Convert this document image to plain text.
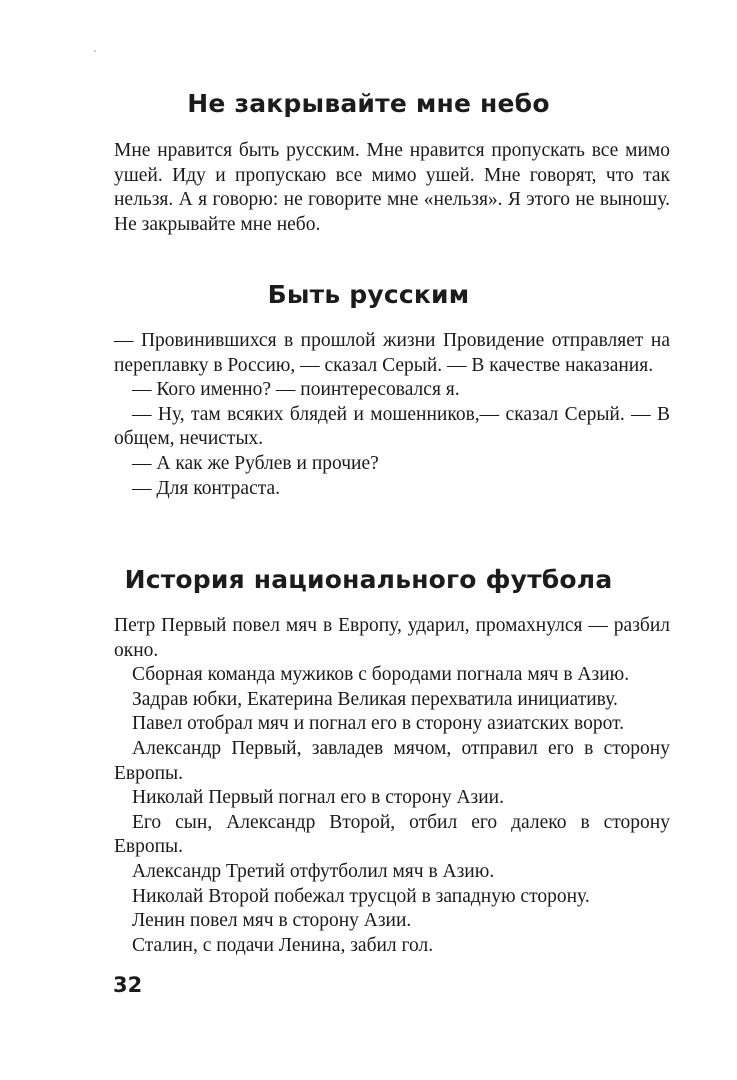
Не закрывайте мне небо

Мне нравится быть русским. Мне нравится пропускать все мимо ушей. Иду и пропускаю все мимо ушей. Мне говорят, что так нельзя. А я говорю: не говорите мне «нельзя». Я этого не выношу. Не закрывайте мне небо.

Быть русским

— Провинившихся в прошлой жизни Провидение отправляет на переплавку в Россию, — сказал Серый. — В качестве наказания.

— Кого именно? — поинтересовался я.

— Ну, там всяких блядей и мошенников,— сказал Серый. — В общем, нечистых.

— А как же Рублев и прочие?

— Для контраста.

История национального футбола

Петр Первый повел мяч в Европу, ударил, промахнулся — разбил окно.

Сборная команда мужиков с бородами погнала мяч в Азию.

Задрав юбки, Екатерина Великая перехватила инициативу.

Павел отобрал мяч и погнал его в сторону азиатских ворот.

Александр Первый, завладев мячом, отправил его в сторону Европы.

Николай Первый погнал его в сторону Азии.

Его сын, Александр Второй, отбил его далеко в сторону Европы.

Александр Третий отфутболил мяч в Азию.

Николай Второй побежал трусцой в западную сторону.

Ленин повел мяч в сторону Азии.

Сталин, с подачи Ленина, забил гол.

32
